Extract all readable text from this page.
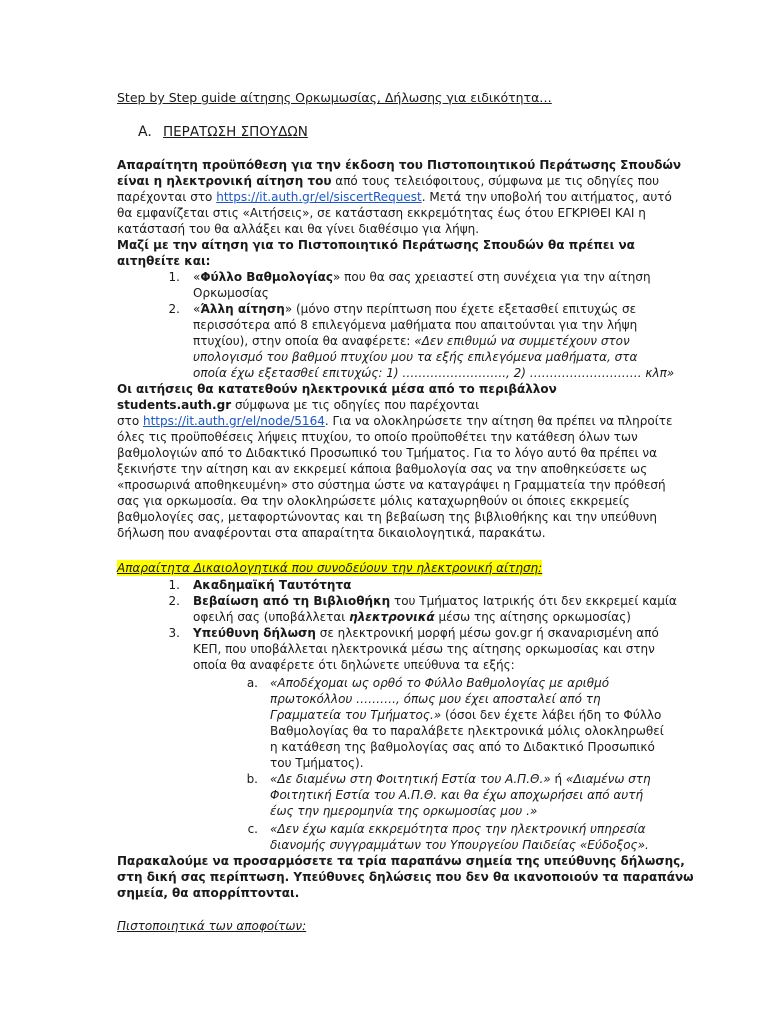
Step by Step guide αίτησης Ορκωμωσίας, Δήλωσης για ειδικότητα…
A. ΠΕΡΑΤΩΣΗ ΣΠΟΥΔΩΝ
Απαραίτητη προϋπόθεση για την έκδοση του Πιστοποιητικού Περάτωσης Σπουδών
είναι η ηλεκτρονική αίτηση του από τους τελειόφοιτους, σύμφωνα με τις οδηγίες που
παρέχονται στο https://it.auth.gr/el/siscertRequest. Μετά την υποβολή του αιτήματος, αυτό
θα εμφανίζεται στις «Αιτήσεις», σε κατάσταση εκκρεμότητας έως ότου ΕΓΚΡΙΘΕΙ ΚΑΙ η
κατάστασή του θα αλλάξει και θα γίνει διαθέσιμο για λήψη.
Μαζί με την αίτηση για το Πιστοποιητικό Περάτωσης Σπουδών θα πρέπει να
αιτηθείτε και:
1. «Φύλλο Βαθμολογίας» που θα σας χρειαστεί στη συνέχεια για την αίτηση
Ορκωμοσίας
2. «Άλλη αίτηση» (μόνο στην περίπτωση που έχετε εξετασθεί επιτυχώς σε
περισσότερα από 8 επιλεγόμενα μαθήματα που απαιτούνται για την λήψη
πτυχίου), στην οποία θα αναφέρετε: «Δεν επιθυμώ να συμμετέχουν στον
υπολογισμό του βαθμού πτυχίου μου τα εξής επιλεγόμενα μαθήματα, στα
οποία έχω εξετασθεί επιτυχώς: 1) …………………….., 2) ………………………. κλπ»
Οι αιτήσεις θα κατατεθούν ηλεκτρονικά μέσα από το περιβάλλον
students.auth.gr σύμφωνα με τις οδηγίες που παρέχονται
στο https://it.auth.gr/el/node/5164. Για να ολοκληρώσετε την αίτηση θα πρέπει να πληροίτε
όλες τις προϋποθέσεις λήψεις πτυχίου, το οποίο προϋποθέτει την κατάθεση όλων των
βαθμολογιών από το Διδακτικό Προσωπικό του Τμήματος. Για το λόγο αυτό θα πρέπει να
ξεκινήστε την αίτηση και αν εκκρεμεί κάποια βαθμολογία σας να την αποθηκεύσετε ως
«προσωρινά αποθηκευμένη» στο σύστημα ώστε να καταγράψει η Γραμματεία την πρόθεσή
σας για ορκωμοσία. Θα την ολοκληρώσετε μόλις καταχωρηθούν οι όποιες εκκρεμείς
βαθμολογίες σας, μεταφορτώνοντας και τη βεβαίωση της βιβλιοθήκης και την υπεύθυνη
δήλωση που αναφέρονται στα απαραίτητα δικαιολογητικά, παρακάτω.
Απαραίτητα Δικαιολογητικά που συνοδεύουν την ηλεκτρονική αίτηση:
1. Ακαδημαϊκή Ταυτότητα
2. Βεβαίωση από τη Βιβλιοθήκη του Τμήματος Ιατρικής ότι δεν εκκρεμεί καμία
οφειλή σας (υποβάλλεται ηλεκτρονικά μέσω της αίτησης ορκωμοσίας)
3. Υπεύθυνη δήλωση σε ηλεκτρονική μορφή μέσω gov.gr ή σκαναρισμένη από
ΚΕΠ, που υποβάλλεται ηλεκτρονικά μέσω της αίτησης ορκωμοσίας και στην
οποία θα αναφέρετε ότι δηλώνετε υπεύθυνα τα εξής:
a. «Αποδέχομαι ως ορθό το Φύλλο Βαθμολογίας με αριθμό
πρωτοκόλλου ………., όπως μου έχει αποσταλεί από τη
Γραμματεία του Τμήματος.» (όσοι δεν έχετε λάβει ήδη το Φύλλο
Βαθμολογίας θα το παραλάβετε ηλεκτρονικά μόλις ολοκληρωθεί
η κατάθεση της βαθμολογίας σας από το Διδακτικό Προσωπικό
του Τμήματος).
b. «Δε διαμένω στη Φοιτητική Εστία του Α.Π.Θ.» ή «Διαμένω στη
Φοιτητική Εστία του Α.Π.Θ. και θα έχω αποχωρήσει από αυτή
έως την ημερομηνία της ορκωμοσίας μου .»
c. «Δεν έχω καμία εκκρεμότητα προς την ηλεκτρονική υπηρεσία
διανομής συγγραμμάτων του Υπουργείου Παιδείας «Εύδοξος».
Παρακαλούμε να προσαρμόσετε τα τρία παραπάνω σημεία της υπεύθυνης δήλωσης,
στη δική σας περίπτωση. Υπεύθυνες δηλώσεις που δεν θα ικανοποιούν τα παραπάνω
σημεία, θα απορρίπτονται.
Πιστοποιητικά των αποφοίτων:
